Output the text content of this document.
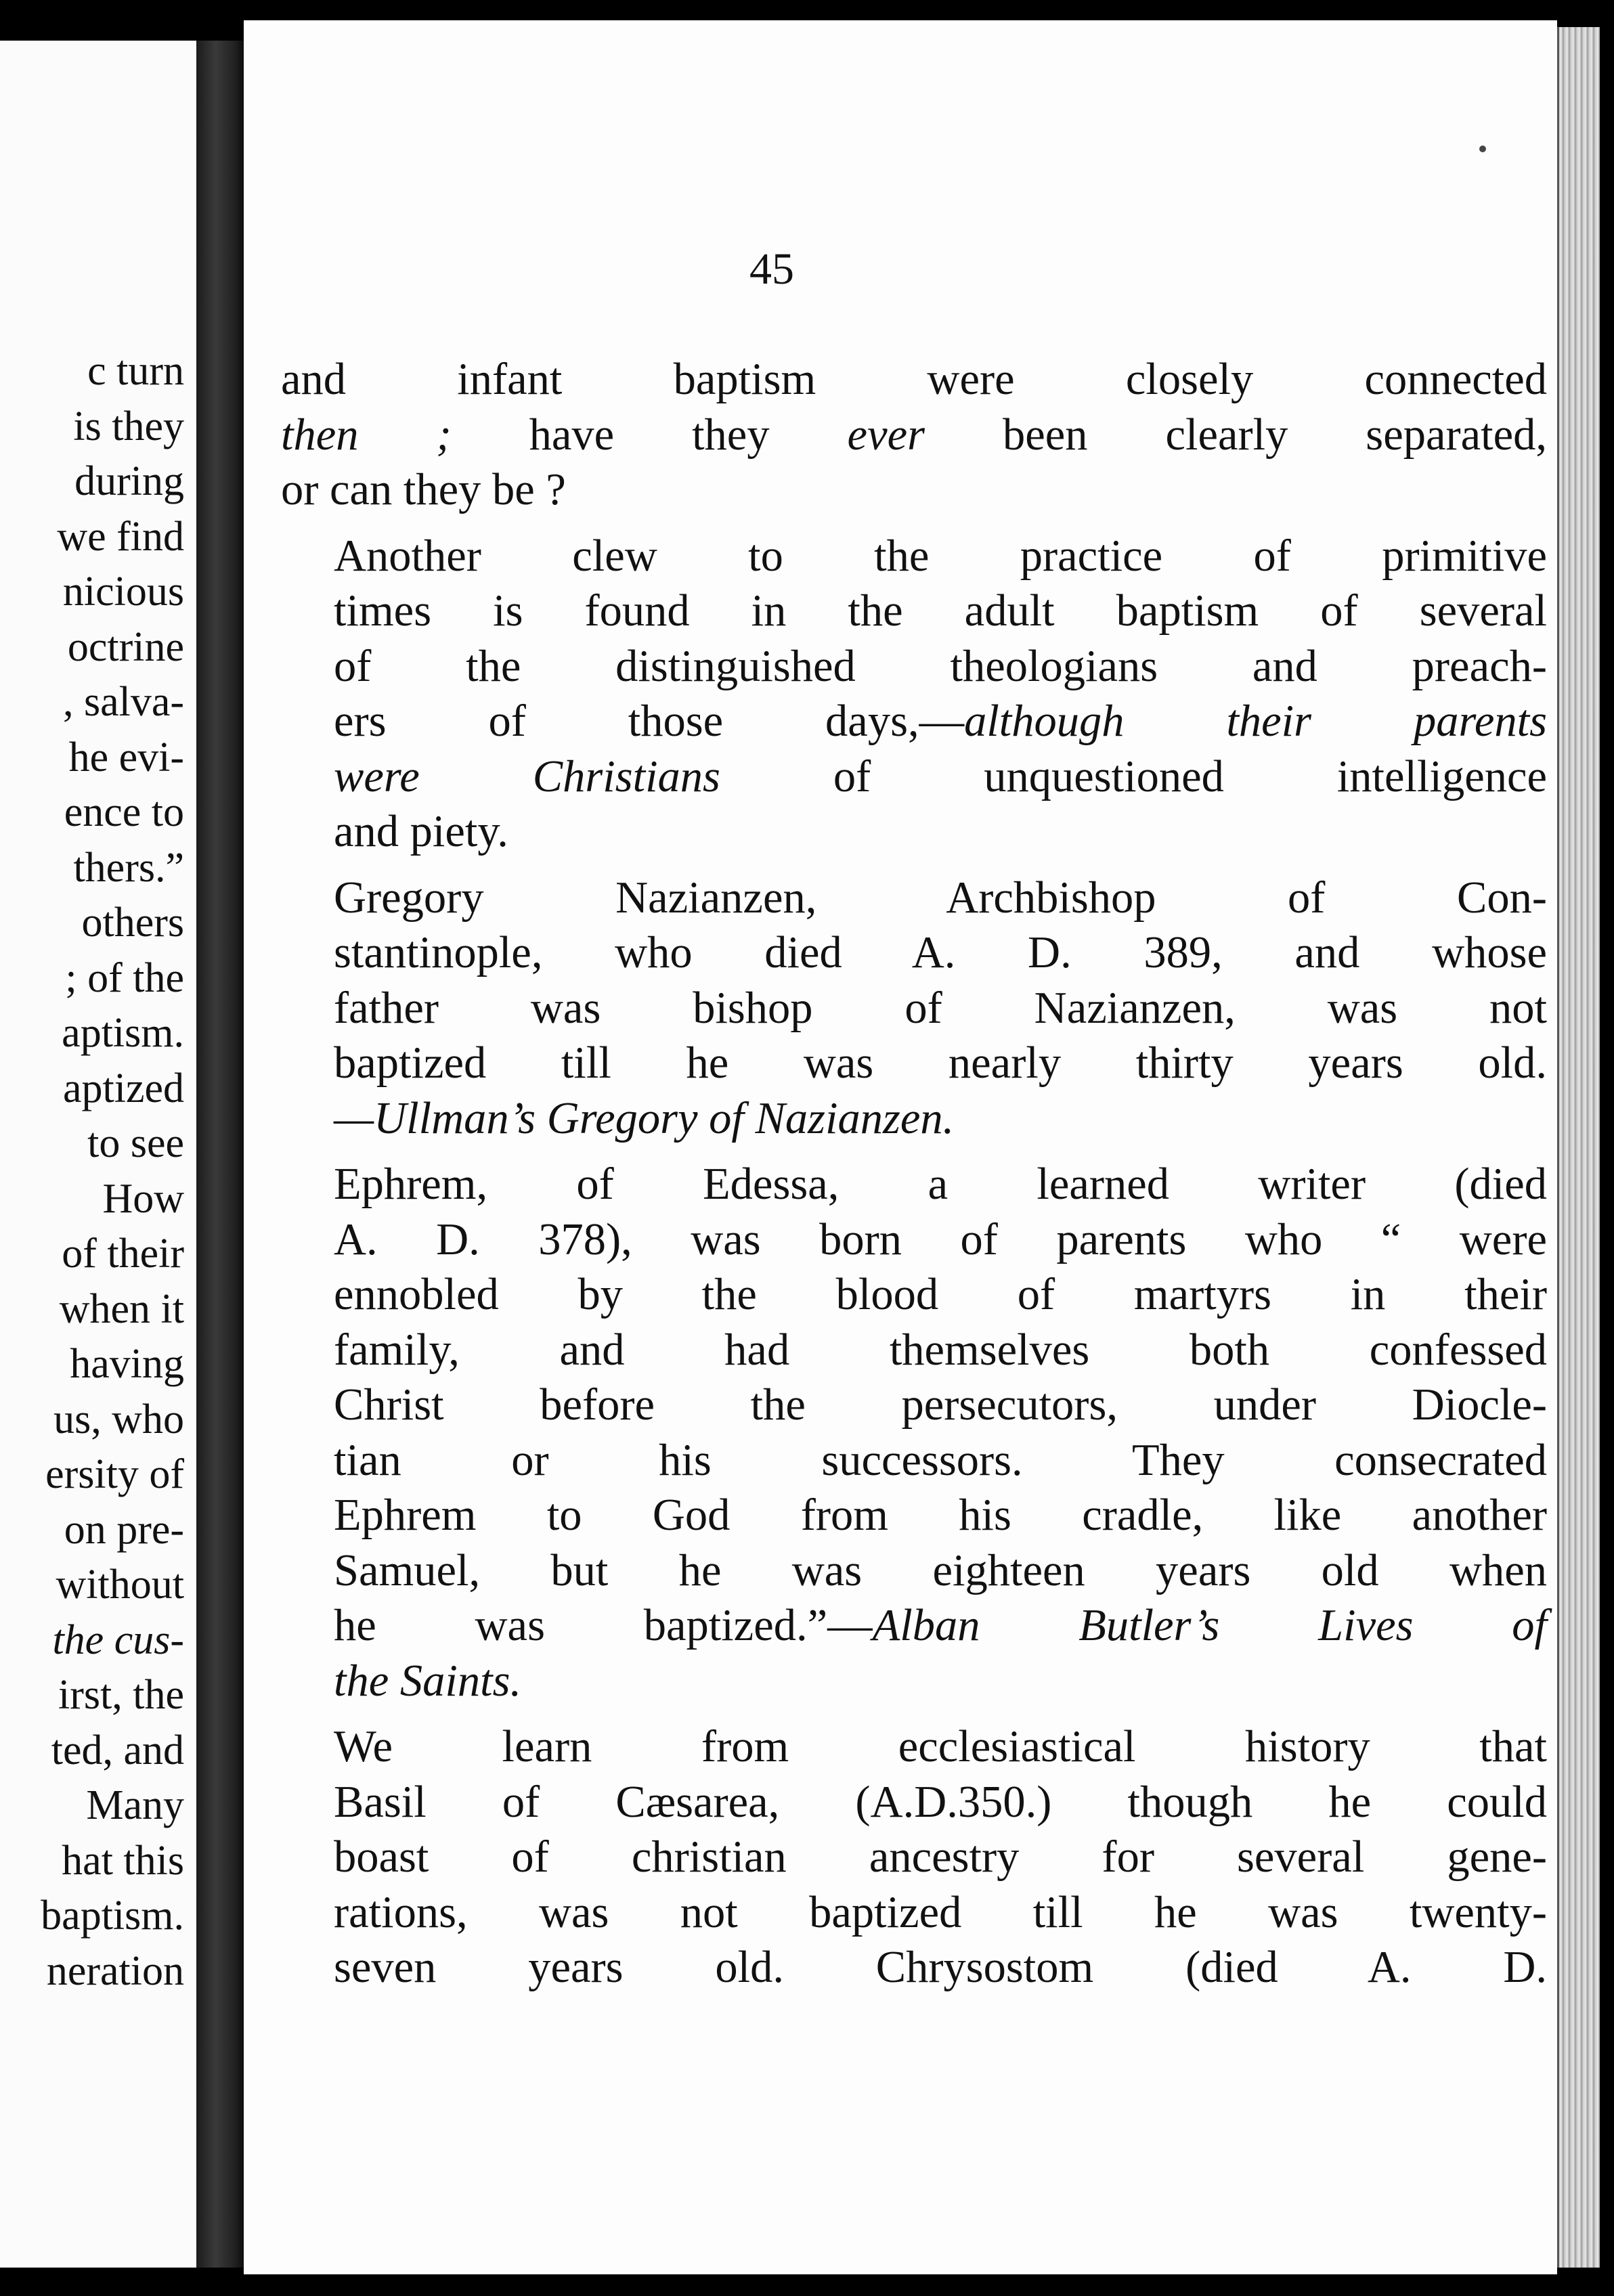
c turn
is they
during
we find
nicious
octrine
, salva-
he evi-
ence to
thers.”
others
; of the
aptism.
aptized
to see
How
of their
when it
having
us, who
ersity of
on pre-
without
the cus-
irst, the
ted, and
Many
hat this
baptism.
neration
45

and infant baptism were closely connected
then ; have they ever been clearly separated,
or can they be ?

Another clew to the practice of primitive
times is found in the adult baptism of several
of the distinguished theologians and preach-
ers of those days,—although their parents
were Christians of unquestioned intelligence
and piety.

Gregory Nazianzen, Archbishop of Con-
stantinople, who died A. D. 389, and whose
father was bishop of Nazianzen, was not
baptized till he was nearly thirty years old.
—Ullman’s Gregory of Nazianzen.

Ephrem, of Edessa, a learned writer (died
A. D. 378), was born of parents who “ were
ennobled by the blood of martyrs in their
family, and had themselves both confessed
Christ before the persecutors, under Diocle-
tian or his successors. They consecrated
Ephrem to God from his cradle, like another
Samuel, but he was eighteen years old when
he was baptized.”—Alban Butler’s Lives of
the Saints.

We learn from ecclesiastical history that
Basil of Cæsarea, (A.D.350.) though he could
boast of christian ancestry for several gene-
rations, was not baptized till he was twenty-
seven years old. Chrysostom (died A. D.
